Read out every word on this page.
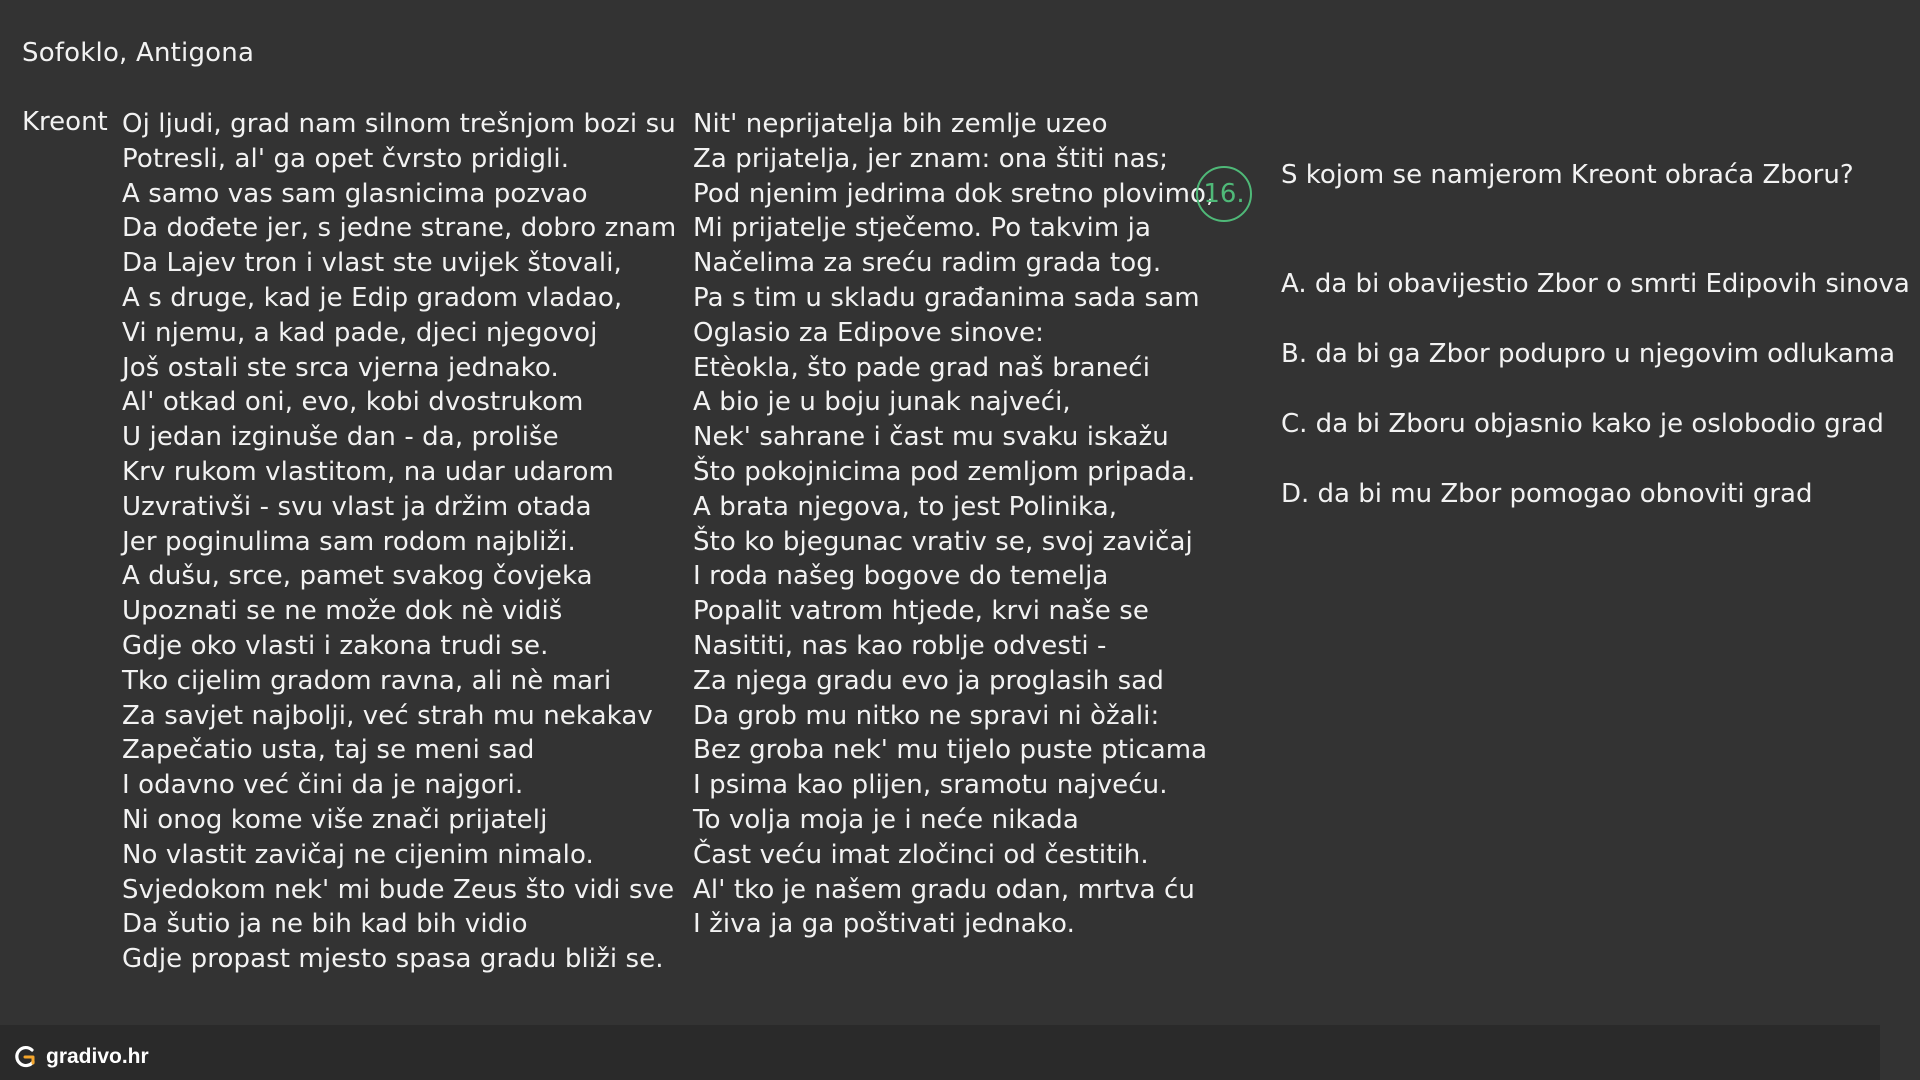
Sofoklo, Antigona
Kreont Oj ljudi, grad nam silnom trešnjom bozi su
Potresli, al' ga opet čvrsto pridigli.
A samo vas sam glasnicima pozvao
Da dođete jer, s jedne strane, dobro znam
Da Lajev tron i vlast ste uvijek štovali,
A s druge, kad je Edip gradom vladao,
Vi njemu, a kad pade, djeci njegovoj
Još ostali ste srca vjerna jednako.
Al' otkad oni, evo, kobi dvostrukom
U jedan izginuše dan - da, proliše
Krv rukom vlastitom, na udar udarom
Uzvrativši - svu vlast ja držim otada
Jer poginulima sam rodom najbliži.
A dušu, srce, pamet svakog čovjeka
Upoznati se ne može dok nè vidiš
Gdje oko vlasti i zakona trudi se.
Tko cijelim gradom ravna, ali nè mari
Za savjet najbolji, već strah mu nekakav
Zapečatio usta, taj se meni sad
I odavno već čini da je najgori.
Ni onog kome više znači prijatelj
No vlastit zavičaj ne cijenim nimalo.
Svjedokom nek' mi bude Zeus što vidi sve
Da šutio ja ne bih kad bih vidio
Gdje propast mjesto spasa gradu bliži se.
Nit' neprijatelja bih zemlje uzeo
Za prijatelja, jer znam: ona štiti nas;
Pod njenim jedrima dok sretno plovimo,
Mi prijatelje stječemo. Po takvim ja
Načelima za sreću radim grada tog.
Pa s tim u skladu građanima sada sam
Oglasio za Edipove sinove:
Etèokla, što pade grad naš braneći
A bio je u boju junak najveći,
Nek' sahrane i čast mu svaku iskažu
Što pokojnicima pod zemljom pripada.
A brata njegova, to jest Polinika,
Što ko bjegunac vrativ se, svoj zavičaj
I roda našeg bogove do temelja
Popalit vatrom htjede, krvi naše se
Nasititi, nas kao roblje odvesti -
Za njega gradu evo ja proglasih sad
Da grob mu nitko ne spravi ni òžali:
Bez groba nek' mu tijelo puste pticama
I psima kao plijen, sramotu najveću.
To volja moja je i neće nikada
Čast veću imat zločinci od čestitih.
Al' tko je našem gradu odan, mrtva ću
I živa ja ga poštivati jednako.
16.
S kojom se namjerom Kreont obraća Zboru?
A. da bi obavijestio Zbor o smrti Edipovih sinova
B. da bi ga Zbor podupro u njegovim odlukama
C. da bi Zboru objasnio kako je oslobodio grad
D. da bi mu Zbor pomogao obnoviti grad
gradivo.hr
